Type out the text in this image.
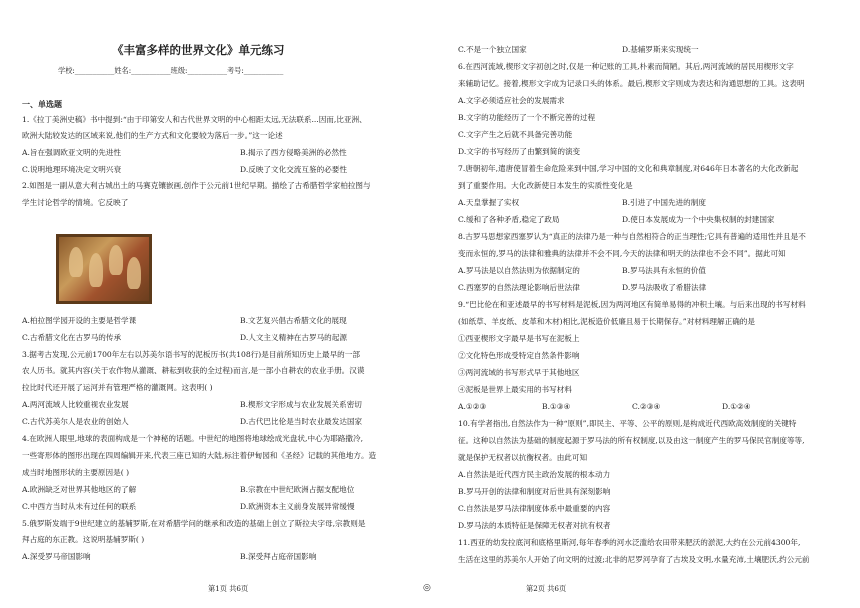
《丰富多样的世界文化》单元练习
学校:___________姓名:___________班级:___________考号:___________
一、单选题
1.《拉丁美洲史稿》书中提到:“由于印第安人和古代世界文明的中心相距太远,无法联系...因而,比亚洲、
欧洲大陆较发达的区域来说,他们的生产方式和文化要较为落后一步。”这一论述
A.旨在强调欧亚文明的先进性	B.揭示了西方侵略美洲的必然性
C.说明地理环境决定文明兴衰	D.反映了文化交流互鉴的必要性
2.如图是一副从意大利古城出土的马赛克镶嵌画,创作于公元前1世纪早期。描绘了古希腊哲学家柏拉图与
学生讨论哲学的情境。它反映了
A.柏拉图学园开设的主要是哲学课	B.文艺复兴倡古希腊文化的展现
C.古希腊文化在古罗马的传承	D.人文主义精神在古罗马的起源
3.据考古发现,公元前1700年左右以苏美尔语书写的泥板历书(共108行)是目前所知历史上最早的一部
农人历书。就其内容(关于农作物从灌溉、耕耘到收获的全过程)而言,是一部小自耕农的农业手册。汉谟
拉比时代还开展了运河并有管理严格的灌溉网。这表明( )
A.两河流域人比较重视农业发展	B.楔形文字形成与农业发展关系密切
C.古代苏美尔人是农业的创始人	D.古代巴比伦是当时农业最发达国家
4.在欧洲人眼里,地球的表面构成是一个神秘的话题。中世纪的地图将地球绘成光盘状,中心为耶路撒冷,
一些寄形体的图形出现在四周编辑开来,代表三座已知的大陆,标注着伊甸园和《圣经》记载的其他地方。造
成当时地图形状的主要原因是( )
A.欧洲缺乏对世界其他地区的了解	B.宗教在中世纪欧洲占据支配地位
C.中西方当时从未有过任何的联系	D.欧洲资本主义前身发展异常缓慢
5.俄罗斯发端于9世纪建立的基辅罗斯,在对希腊学问的继承和改造的基础上创立了斯拉夫字母,宗教则是
拜占庭的东正教。这说明基辅罗斯( )
A.深受罗马帝国影响	B.深受拜占庭帝国影响
第1页 共6页	◎
C.不是一个独立国家	D.基辅罗斯来实现统一
6.在西河流域,楔形文字初创之时,仅是一种记账的工具,朴素而简陋。其后,两河流域的居民用楔形文字
来辅助记忆。接着,楔形文字成为记录口头的体系。最后,楔形文字则成为表达和沟通思想的工具。这表明
A.文字必须适应社会的发展需求
B.文字的功能经历了一个不断完善的过程
C.文字产生之后就不具备完善功能
D.文字的书写经历了由繁到简的演变
7.唐朝初年,遣唐使冒着生命危险来到中国,学习中国的文化和典章制度,对646年日本著名的大化改新起
到了重要作用。大化改新使日本发生的实质性变化是
A.天皇掌握了实权	B.引进了中国先进的制度
C.缓和了各种矛盾,稳定了政局	D.使日本发展成为一个中央集权制的封建国家
8.古罗马思想家西塞罗认为“真正的法律乃是一种与自然相符合的正当理性;它具有普遍的适用性并且是不
变而永恒的,罗马的法律和雅典的法律并不会不同,今天的法律和明天的法律也不会不同”。据此可知
A.罗马法是以自然法则为依据制定的	B.罗马法具有永恒的价值
C.西塞罗的自然法理论影响后世法律	D.罗马法吸收了希腊法律
9.“巴比伦在和亚述最早的书写材料是泥板,因为两河地区有简单易得的冲积土壤。与后来出现的书写材料
(如纸草、羊皮纸、皮革和木材)相比,泥板造价低廉且易于长期保存。”对材料理解正确的是
①西亚楔形文字最早是书写在泥板上
②文化特色形成受特定自然条件影响
③两河流域的书写形式早于其他地区
④泥板是世界上最实用的书写材料
A.①②③	B.①③④	C.②③④	D.①②④
10.有学者指出,自然法作为一种“原则”,即民主、平等、公平的原则,是构成近代西欧高效制度的关键特
征。这种以自然法为基础的制度起源于罗马法的所有权制度,以及由这一制度产生的罗马保民官制度等等,
就是保护无权者以抗衡权者。由此可知
A.自然法是近代西方民主政治发展的根本动力
B.罗马开创的法律和制度对后世具有深刻影响
C.自然法是罗马法律制度体系中最重要的内容
D.罗马法的本质特征是保障无权者对抗有权者
11.西亚的幼发拉底河和底格里斯河,每年春季的河水泛滥给农田带来肥沃的淤泥,大约在公元前4300年,
生活在这里的苏美尔人开始了向文明的过渡;北非的尼罗河孕育了古埃及文明,水量充沛,土壤肥沃,约公元前
第2页 共6页
